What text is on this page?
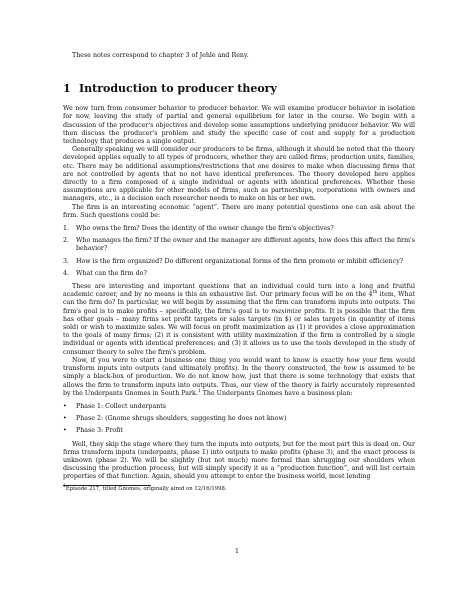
These notes correspond to chapter 3 of Jehle and Reny.

1 Introduction to producer theory

We now turn from consumer behavior to producer behavior. We will examine producer behavior in isolation for now, leaving the study of partial and general equilibrium for later in the course. We begin with a discussion of the producer's objectives and develop some assumptions underlying producer behavior. We will then discuss the producer's problem and study the specific case of cost and supply for a production technology that produces a single output.

Generally speaking we will consider our producers to be firms, although it should be noted that the theory developed applies equally to all types of producers, whether they are called firms, production units, families, etc. There may be additional assumptions/restrictions that one desires to make when discussing firms that are not controlled by agents that no not have identical preferences. The theory developed here applies directly to a firm composed of a single individual or agents with identical preferences. Whether these assumptions are applicable for other models of firms, such as partnerships, corporations with owners and managers, etc., is a decision each researcher needs to make on his or her own.

The firm is an interesting economic “agent”. There are many potential questions one can ask about the firm. Such questions could be:

1. Who owns the firm? Does the identity of the owner change the firm's objectives?
2. Who manages the firm? If the owner and the manager are different agents, how does this affect the firm's behavior?
3. How is the firm organized? Do different organizational forms of the firm promote or inhibit efficiency?
4. What can the firm do?

These are interesting and important questions that an individual could turn into a long and fruitful academic career, and by no means is this an exhaustive list. Our primary focus will be on the 4th item, What can the firm do? In particular, we will begin by assuming that the firm can transform inputs into outputs. The firm's goal is to make profits – specifically, the firm's goal is to maximize profits. It is possible that the firm has other goals – many firms set profit targets or sales targets (in $) or sales targets (in quantity of items sold) or wish to maximize sales. We will focus on profit maximization as (1) it provides a close approximation to the goals of many firms; (2) it is consistent with utility maximization if the firm is controlled by a single individual or agents with identical preferences; and (3) it allows us to use the tools developed in the study of consumer theory to solve the firm's problem.

Now, if you were to start a business one thing you would want to know is exactly how your firm would transform inputs into outputs (and ultimately profits). In the theory constructed, the how is assumed to be simply a black-box of production. We do not know how, just that there is some technology that exists that allows the firm to transform inputs into outputs. Thus, our view of the theory is fairly accurately represented by the Underpants Gnomes in South Park.$^1$ The Underpants Gnomes have a business plan:

• Phase 1: Collect underpants
• Phase 2: (Gnome shrugs shoulders, suggesting he does not know)
• Phase 3: Profit

Well, they skip the stage where they turn the inputs into outputs, but for the most part this is dead on. Our firms transform inputs (underpants, phase 1) into outputs to make profits (phase 3), and the exact process is unknown (phase 2). We will be slightly (but not much) more formal than shrugging our shoulders when discussing the production process, but will simply specify it as a “production function”, and will list certain properties of that function. Again, should you attempt to enter the business world, most lending

$^1$Episode 217, titled Gnomes, originally aired on 12/16/1998.

1
